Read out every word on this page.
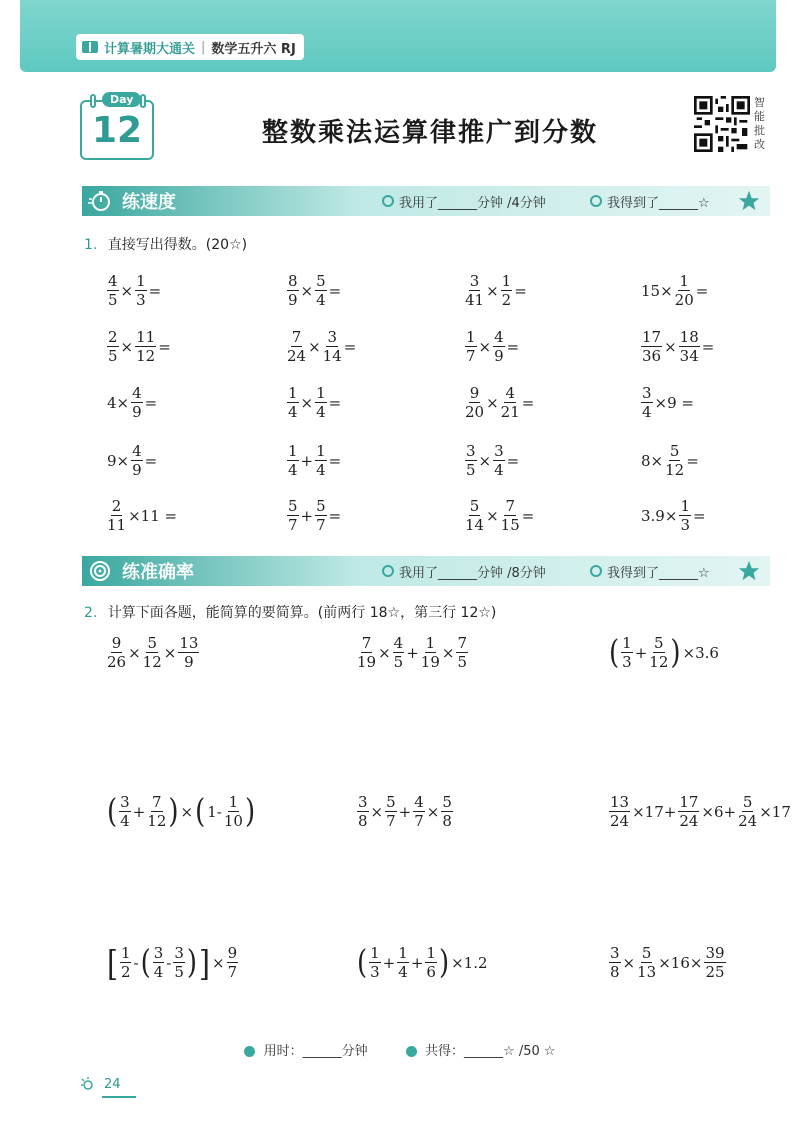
计算暑期大通关 | 数学五升六 RJ
Day
12	整数乘法运算律推广到分数
智能批改
练速度	我用了______分钟 /4分钟	我得到了______☆
1. 直接写出得数。(20☆)
$\frac{4}{5} \times \frac{1}{3}$ =	$\frac{8}{9} \times \frac{5}{4}$ =	$\frac{3}{41} \times \frac{1}{2}$ =	$15\times \frac{1}{20}$ =
$\frac{2}{5} \times \frac{11}{12}$ =	$\frac{7}{24} \times \frac{3}{14}$ =	$\frac{1}{7} \times \frac{4}{9}$ =	$\frac{17}{36} \times \frac{18}{34}$ =
$4\times \frac{4}{9}$ =	$\frac{1}{4} \times \frac{1}{4}$ =	$\frac{9}{20} \times \frac{4}{21}$ =	$\frac{3}{4} \times 9$ =
$9\times \frac{4}{9}$ =	$\frac{1}{4} + \frac{1}{4}$ =	$\frac{3}{5} \times \frac{3}{4}$ =	$8\times \frac{5}{12}$ =
$\frac{2}{11} \times 11$ =	$\frac{5}{7} + \frac{5}{7}$ =	$\frac{5}{14} \times \frac{7}{15}$ =	$3.9\times \frac{1}{3}$ =
练准确率	我用了______分钟 /8分钟	我得到了______☆
2. 计算下面各题，能简算的要简算。(前两行 18☆，第三行 12☆)
$\frac{9}{26} \times \frac{5}{12} \times \frac{13}{9}$	$\frac{7}{19} \times \frac{4}{5} + \frac{1}{19} \times \frac{7}{5}$	( $\frac{1}{3} + \frac{5}{12}$ ) ×3.6
( $\frac{3}{4} + \frac{7}{12}$ ) × ( $1- \frac{1}{10}$ )	$\frac{3}{8} \times \frac{5}{7} + \frac{4}{7} \times \frac{5}{8}$	$\frac{13}{24} \times 17+ \frac{17}{24} \times 6+ \frac{5}{24} \times 17$
[ $\frac{1}{2}$ - ( $\frac{3}{4} - \frac{3}{5}$ ) ] × $\frac{9}{7}$	( $\frac{1}{3} + \frac{1}{4} + \frac{1}{6}$ ) ×1.2	$\frac{3}{8} \times \frac{5}{13} \times 16\times \frac{39}{25}$
用时：______分钟	共得：______☆ /50 ☆
24
